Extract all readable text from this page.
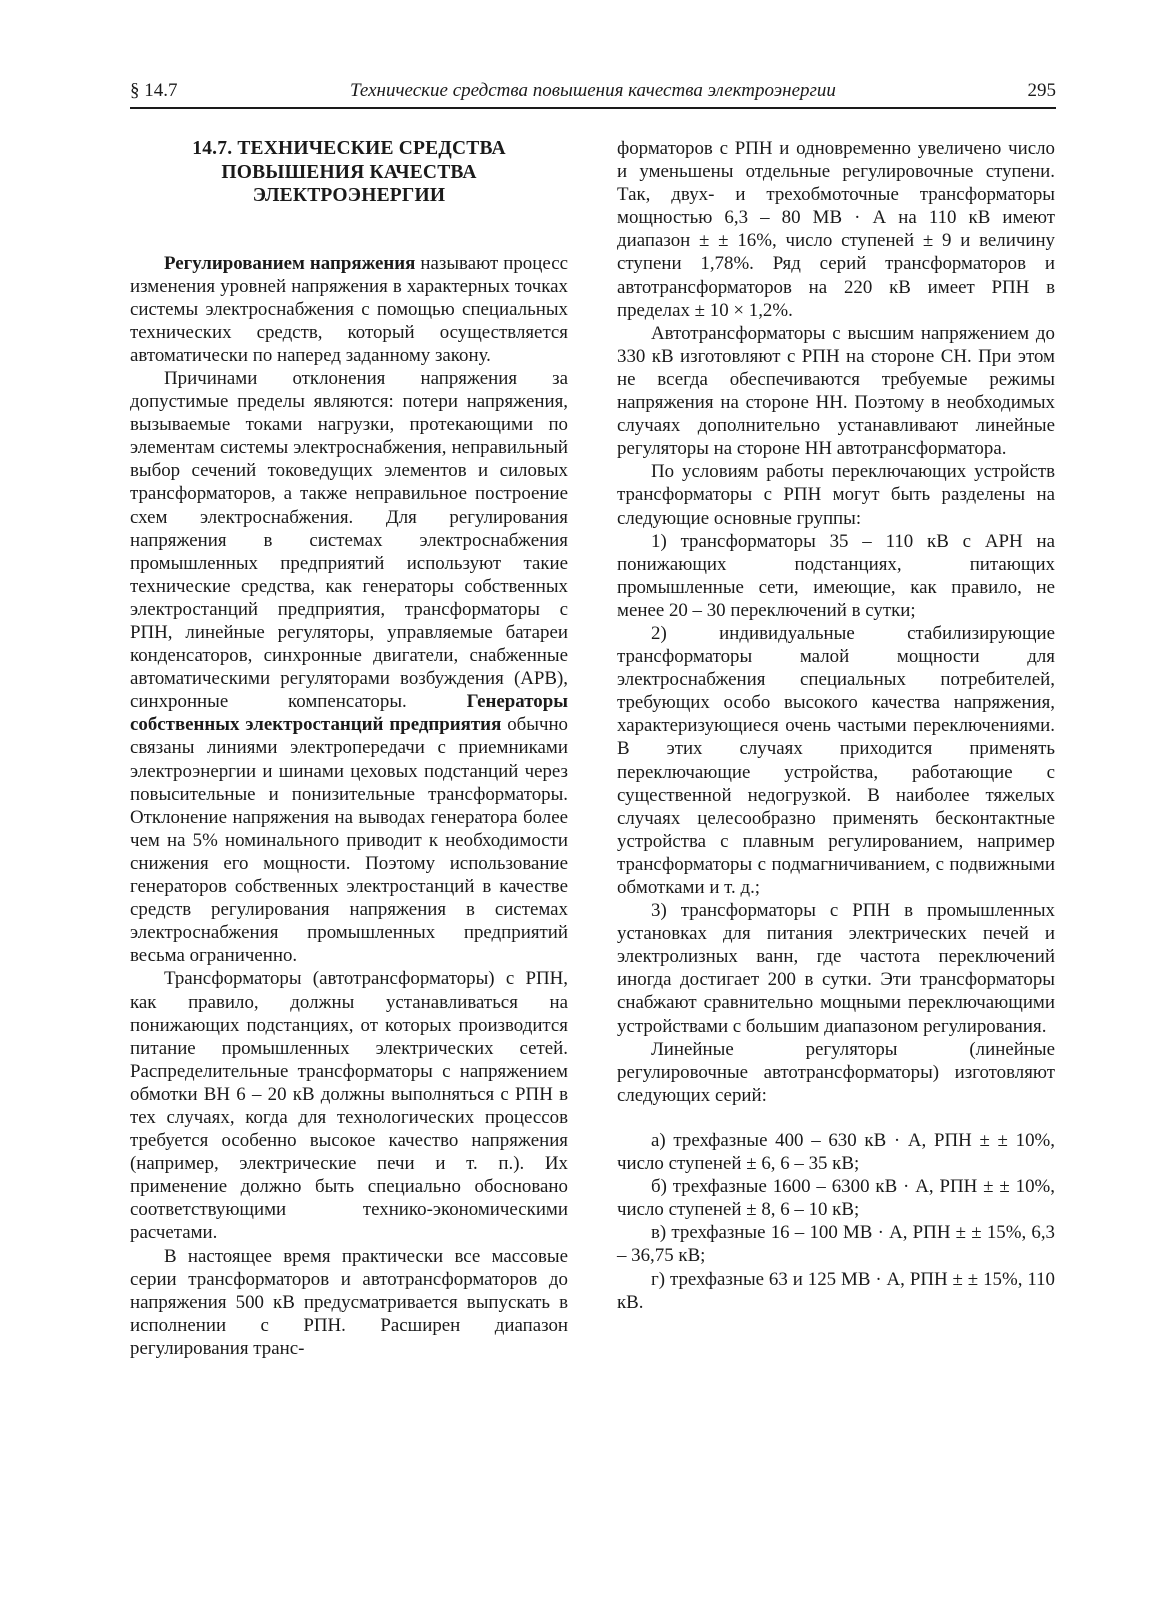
§ 14.7	Технические средства повышения качества электроэнергии	295
14.7. ТЕХНИЧЕСКИЕ СРЕДСТВА
ПОВЫШЕНИЯ КАЧЕСТВА
ЭЛЕКТРОЭНЕРГИИ

Регулированием напряжения называют процесс изменения уровней напряжения в характерных точках системы электроснабжения с помощью специальных технических средств, который осуществляется автоматически по наперед заданному закону.

Причинами отклонения напряжения за допустимые пределы являются: потери напряжения, вызываемые токами нагрузки, протекающими по элементам системы электроснабжения, неправильный выбор сечений токоведущих элементов и силовых трансформаторов, а также неправильное построение схем электроснабжения. Для регулирования напряжения в системах электроснабжения промышленных предприятий используют такие технические средства, как генераторы собственных электростанций предприятия, трансформаторы с РПН, линейные регуляторы, управляемые батареи конденсаторов, синхронные двигатели, снабженные автоматическими регуляторами возбуждения (АРВ), синхронные компенсаторы. Генераторы собственных электростанций предприятия обычно связаны линиями электропередачи с приемниками электроэнергии и шинами цеховых подстанций через повысительные и понизительные трансформаторы. Отклонение напряжения на выводах генератора более чем на 5% номинального приводит к необходимости снижения его мощности. Поэтому использование генераторов собственных электростанций в качестве средств регулирования напряжения в системах электроснабжения промышленных предприятий весьма ограниченно.

Трансформаторы (автотрансформаторы) с РПН, как правило, должны устанавливаться на понижающих подстанциях, от которых производится питание промышленных электрических сетей. Распределительные трансформаторы с напряжением обмотки ВН 6 – 20 кВ должны выполняться с РПН в тех случаях, когда для технологических процессов требуется особенно высокое качество напряжения (например, электрические печи и т. п.). Их применение должно быть специально обосновано соответствующими технико-экономическими расчетами.

В настоящее время практически все массовые серии трансформаторов и автотрансформаторов до напряжения 500 кВ предусматривается выпускать в исполнении с РПН. Расширен диапазон регулирования транс-

форматоров с РПН и одновременно увеличено число и уменьшены отдельные регулировочные ступени. Так, двух- и трехобмоточные трансформаторы мощностью 6,3 – 80 МВ · А на 110 кВ имеют диапазон ± ± 16%, число ступеней ± 9 и величину ступени 1,78%. Ряд серий трансформаторов и автотрансформаторов на 220 кВ имеет РПН в пределах ± 10 × 1,2%.

Автотрансформаторы с высшим напряжением до 330 кВ изготовляют с РПН на стороне СН. При этом не всегда обеспечиваются требуемые режимы напряжения на стороне НН. Поэтому в необходимых случаях дополнительно устанавливают линейные регуляторы на стороне НН автотрансформатора.

По условиям работы переключающих устройств трансформаторы с РПН могут быть разделены на следующие основные группы:

1) трансформаторы 35 – 110 кВ с АРН на понижающих подстанциях, питающих промышленные сети, имеющие, как правило, не менее 20 – 30 переключений в сутки;

2) индивидуальные стабилизирующие трансформаторы малой мощности для электроснабжения специальных потребителей, требующих особо высокого качества напряжения, характеризующиеся очень частыми переключениями. В этих случаях приходится применять переключающие устройства, работающие с существенной недогрузкой. В наиболее тяжелых случаях целесообразно применять бесконтактные устройства с плавным регулированием, например трансформаторы с подмагничиванием, с подвижными обмотками и т. д.;

3) трансформаторы с РПН в промышленных установках для питания электрических печей и электролизных ванн, где частота переключений иногда достигает 200 в сутки. Эти трансформаторы снабжают сравнительно мощными переключающими устройствами с большим диапазоном регулирования.

Линейные регуляторы (линейные регулировочные автотрансформаторы) изготовляют следующих серий:

а) трехфазные 400 – 630 кВ · А, РПН ± ± 10%, число ступеней ± 6, 6 – 35 кВ;

б) трехфазные 1600 – 6300 кВ · А, РПН ± ± 10%, число ступеней ± 8, 6 – 10 кВ;

в) трехфазные 16 – 100 МВ · А, РПН ± ± 15%, 6,3 – 36,75 кВ;

г) трехфазные 63 и 125 МВ · А, РПН ± ± 15%, 110 кВ.
